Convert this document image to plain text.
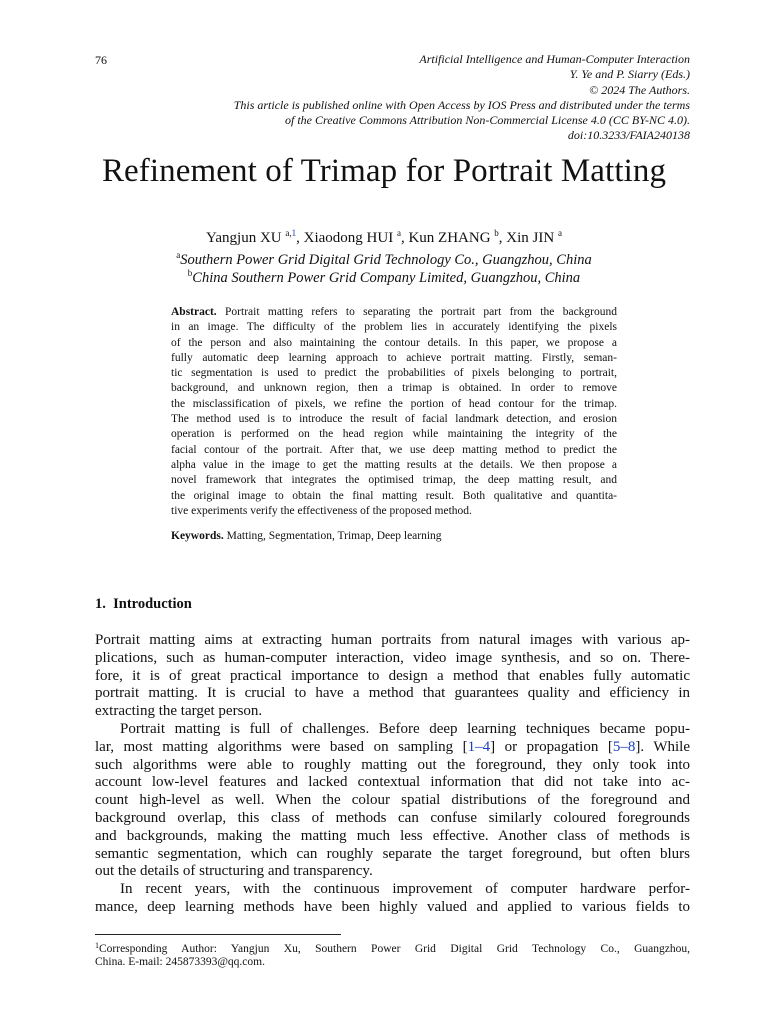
76	Artificial Intelligence and Human-Computer Interaction
Y. Ye and P. Siarry (Eds.)
© 2024 The Authors.
This article is published online with Open Access by IOS Press and distributed under the terms
of the Creative Commons Attribution Non-Commercial License 4.0 (CC BY-NC 4.0).
doi:10.3233/FAIA240138
Refinement of Trimap for Portrait Matting
Yangjun XU $^{a,1}$, Xiaodong HUI $^a$, Kun ZHANG $^b$, Xin JIN $^a$
$^a$Southern Power Grid Digital Grid Technology Co., Guangzhou, China
$^b$China Southern Power Grid Company Limited, Guangzhou, China
Abstract. Portrait matting refers to separating the portrait part from the background
in an image. The difficulty of the problem lies in accurately identifying the pixels
of the person and also maintaining the contour details. In this paper, we propose a
fully automatic deep learning approach to achieve portrait matting. Firstly, seman-
tic segmentation is used to predict the probabilities of pixels belonging to portrait,
background, and unknown region, then a trimap is obtained. In order to remove
the misclassification of pixels, we refine the portion of head contour for the trimap.
The method used is to introduce the result of facial landmark detection, and erosion
operation is performed on the head region while maintaining the integrity of the
facial contour of the portrait. After that, we use deep matting method to predict the
alpha value in the image to get the matting results at the details. We then propose a
novel framework that integrates the optimised trimap, the deep matting result, and
the original image to obtain the final matting result. Both qualitative and quantita-
tive experiments verify the effectiveness of the proposed method.
Keywords. Matting, Segmentation, Trimap, Deep learning
1. Introduction
Portrait matting aims at extracting human portraits from natural images with various ap-
plications, such as human-computer interaction, video image synthesis, and so on. There-
fore, it is of great practical importance to design a method that enables fully automatic
portrait matting. It is crucial to have a method that guarantees quality and efficiency in
extracting the target person.
Portrait matting is full of challenges. Before deep learning techniques became popu-
lar, most matting algorithms were based on sampling [1–4] or propagation [5–8]. While
such algorithms were able to roughly matting out the foreground, they only took into
account low-level features and lacked contextual information that did not take into ac-
count high-level as well. When the colour spatial distributions of the foreground and
background overlap, this class of methods can confuse similarly coloured foregrounds
and backgrounds, making the matting much less effective. Another class of methods is
semantic segmentation, which can roughly separate the target foreground, but often blurs
out the details of structuring and transparency.
In recent years, with the continuous improvement of computer hardware perfor-
mance, deep learning methods have been highly valued and applied to various fields to
$^1$Corresponding Author: Yangjun Xu, Southern Power Grid Digital Grid Technology Co., Guangzhou,
China. E-mail: 245873393@qq.com.
